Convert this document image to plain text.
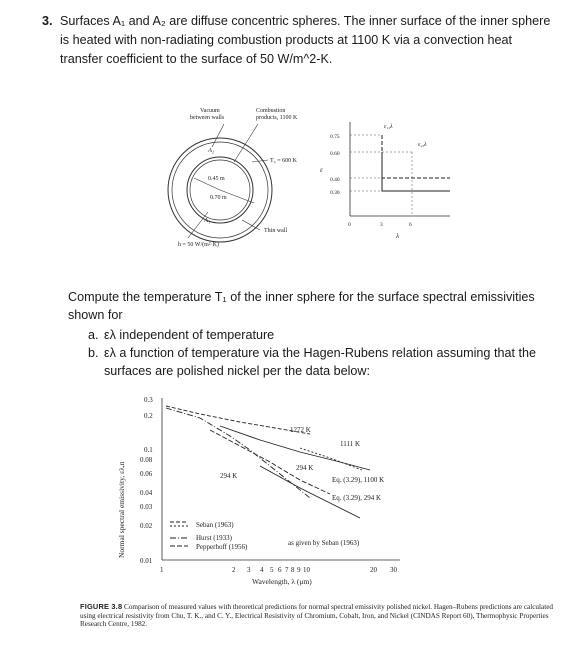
3. Surfaces A₁ and A₂ are diffuse concentric spheres. The inner surface of the inner sphere is heated with non-radiating combustion products at 1100 K via a convection heat transfer coefficient to the surface of 50 W/m^2-K.
Vacuum
between walls
Combustion
products, 1100 K
A₂
T₂ = 600 K
0.45 m
0.70 m
A₁
h = 50 W/(m²·K)
Thin wall
0.75
0.60
0.40
0.30
ε
0	3	6
λ
ε₁,λ
ε₂,λ
Compute the temperature T₁ of the inner sphere for the surface spectral emissivities shown for
a. ελ independent of temperature
b. ελ a function of temperature via the Hagen-Rubens relation assuming that the surfaces are polished nickel per the data below:
Normal spectral emissivity, ελ,n
0.3
0.2
0.1
0.08
0.06
0.04
0.03
0.02
0.01
1	2 3 4 5 6 7 8 9 10	20 30
Wavelength, λ (μm)
1272 K
1111 K
294 K
294 K
Eq. (3.29), 1100 K
Eq. (3.29), 294 K
Seban (1963)
Hurst (1933)
Pepperhoff (1956)	as given by Seban (1963)
FIGURE 3.8 Comparison of measured values with theoretical predictions for normal spectral emissivity polished nickel. Hagen–Rubens predictions are calculated using electrical resistivity from Chu, T. K., and C. Y., Electrical Resistivity of Chromium, Cobalt, Iron, and Nickel (CINDAS Report 60), Thermophysic Properties Research Centre, 1982.
